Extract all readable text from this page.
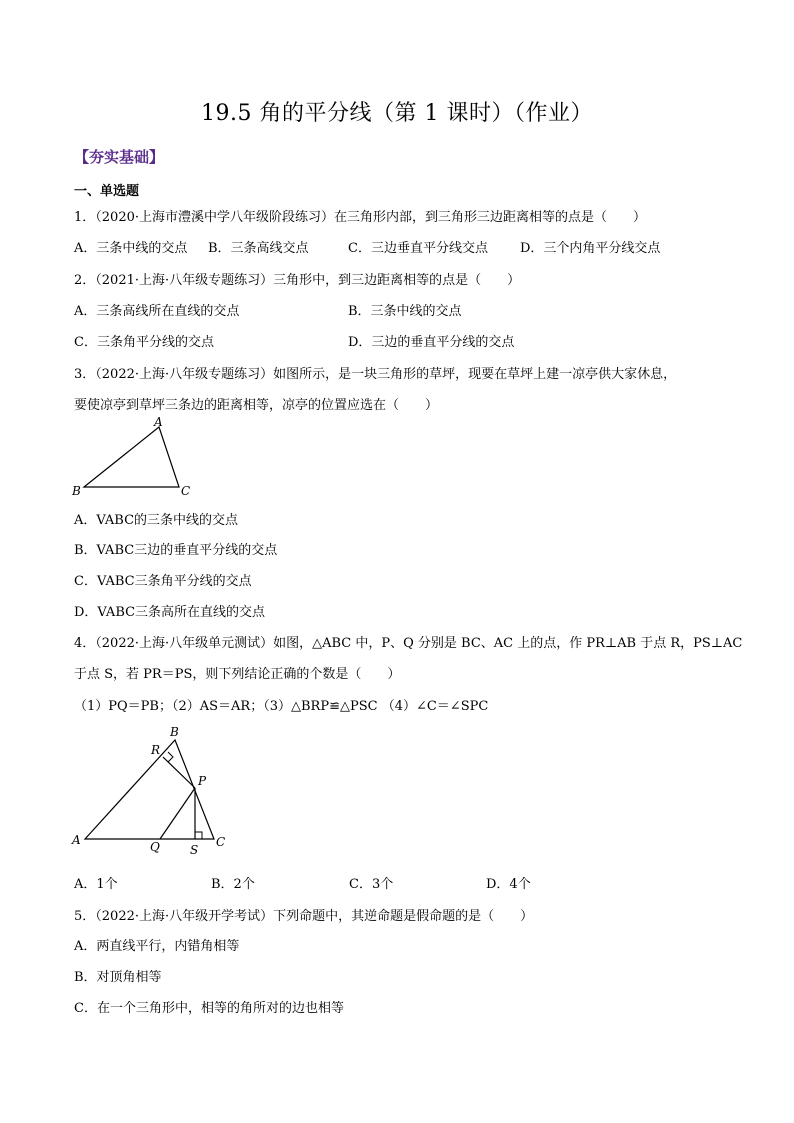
19.5 角的平分线（第 1 课时）（作业）
【夯实基础】
一、单选题
1．（2020·上海市澧溪中学八年级阶段练习）在三角形内部，到三角形三边距离相等的点是（　　）
A．三条中线的交点 B．三条高线交点	C．三边垂直平分线交点 D．三个内角平分线交点
2．（2021·上海·八年级专题练习）三角形中，到三边距离相等的点是（　　）
A．三条高线所在直线的交点	B．三条中线的交点
C．三条角平分线的交点	D．三边的垂直平分线的交点
3．（2022·上海·八年级专题练习）如图所示，是一块三角形的草坪，现要在草坪上建一凉亭供大家休息，
要使凉亭到草坪三条边的距离相等，凉亭的位置应选在（　　）
A
B	C
A．VABC的三条中线的交点
B．VABC三边的垂直平分线的交点
C．VABC三条角平分线的交点
D．VABC三条高所在直线的交点
4．（2022·上海·八年级单元测试）如图，△ABC 中，P、Q 分别是 BC、AC 上的点，作 PR⊥AB 于点 R，PS⊥AC
于点 S，若 PR＝PS，则下列结论正确的个数是（　　）
（1）PQ＝PB；（2）AS＝AR；（3）△BRP≌△PSC （4）∠C＝∠SPC
A
B
C
P
Q
R
S
A．1个	B．2个	C．3个	D．4个
5．（2022·上海·八年级开学考试）下列命题中，其逆命题是假命题的是（　　）
A．两直线平行，内错角相等
B．对顶角相等
C．在一个三角形中，相等的角所对的边也相等
